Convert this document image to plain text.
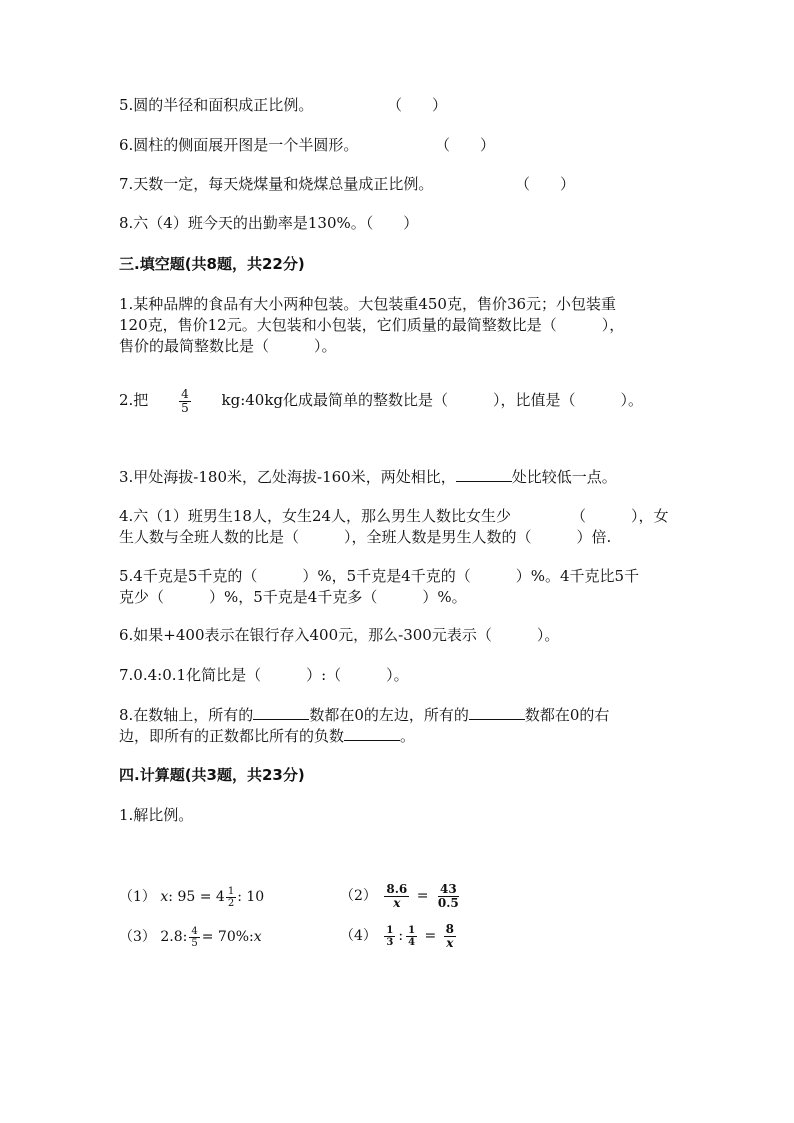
5.圆的半径和面积成正比例。	（　　）
6.圆柱的侧面展开图是一个半圆形。	（　　）
7.天数一定，每天烧煤量和烧煤总量成正比例。	（　　）
8.六（4）班今天的出勤率是130%。（　　）
三.填空题(共8题，共22分)
1.某种品牌的食品有大小两种包装。大包装重450克，售价36元；小包装重
120克，售价12元。大包装和小包装，它们质量的最简整数比是（　　　），
售价的最简整数比是（　　　）。
2.把	$\frac{4}{5}$ kg:40kg化成最简单的整数比是（　　　），比值是（　　　）。
3.甲处海拔-180米，乙处海拔-160米，两处相比，	处比较低一点。
4.六（1）班男生18人，女生24人，那么男生人数比女生少	（　　　），女
生人数与全班人数的比是（　　　），全班人数是男生人数的（　　　）倍.
5.4千克是5千克的（　　　）%，5千克是4千克的（　　　）%。4千克比5千
克少（　　　）%，5千克是4千克多（　　　）%。
6.如果+400表示在银行存入400元，那么-300元表示（　　　）。
7.0.4:0.1化简比是（　　　）:（　　　）。
8.在数轴上，所有的	数都在0的左边，所有的	数都在0的右
边，即所有的正数都比所有的负数	。
四.计算题(共3题，共23分)
1.解比例。
（1） x: $95 = 4 \frac{1}{2}$ : 10	$(2) \frac{8.6}{x} = \frac{43}{0.5}$
（3） 2.8: $\frac{4}{5}$ = 70%:x	$(4) \frac{1}{3}$ : $\frac{1}{4} = \frac{8}{x}$
